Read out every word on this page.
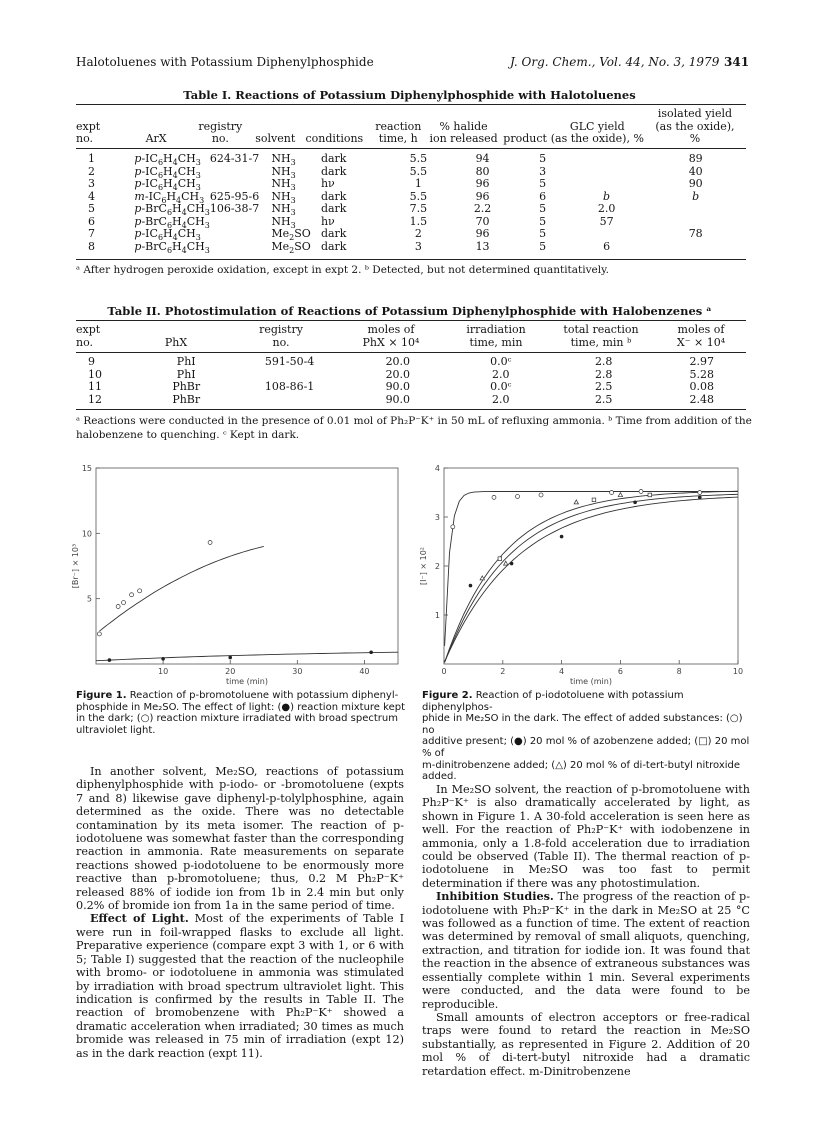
Halotoluenes with Potassium Diphenylphosphide	J. Org. Chem., Vol. 44, No. 3, 1979 341
Table I. Reactions of Potassium Diphenylphosphide with Halotoluenes
									isolated yield
expt		registry			reaction	% halide		GLC yield	(as the oxide),
no.	ArX	no.	solvent	conditions	time, h	ion released	product	(as the oxide), %	%
1	$p-IC_6H_4CH_3$	624-31-7	$NH_3$	dark	5.5	94	5		89
2	$p-IC_6H_4CH_3$		$NH_3$	dark	5.5	80	3		40
3	$p-IC_6H_4CH_3$		$NH_3$	hν	1	96	5		90
4	$m-IC_6H_4CH_3$	625-95-6	$NH_3$	dark	5.5	96	6	b	b
5	$p-BrC_6H_4CH_3$	106-38-7	$NH_3$	dark	7.5	2.2	5	2.0	
6	$p-BrC_6H_4CH_3$		$NH_3$	hν	1.5	70	5	57	
7	$p-IC_6H_4CH_3$		$Me_2SO$	dark	2	96	5		78
8	$p-BrC_6H_4CH_3$		$Me_2SO$	dark	3	13	5	6	
ᵃ After hydrogen peroxide oxidation, except in expt 2. ᵇ Detected, but not determined quantitatively.
Table II. Photostimulation of Reactions of Potassium Diphenylphosphide with Halobenzenes ᵃ
expt		registry	moles of	irradiation	total reaction	moles of
no.	PhX	no.	PhX × 10⁴	time, min	time, min ᵇ	X⁻ × 10⁴
9	PhI	591-50-4	20.0	0.0ᶜ	2.8	2.97
10	PhI		20.0	2.0	2.8	5.28
11	PhBr	108-86-1	90.0	0.0ᶜ	2.5	0.08
12	PhBr		90.0	2.0	2.5	2.48
ᵃ Reactions were conducted in the presence of 0.01 mol of Ph₂P⁻K⁺ in 50 mL of refluxing ammonia. ᵇ Time from addition of the
halobenzene to quenching. ᶜ Kept in dark.
10	20	30	40
5
10
15
time (min)
[Br⁻] × 10³
0	2	4	6	8	10
1
2
3
4
time (min)
[I⁻] × 10²
Figure 1. Reaction of p-bromotoluene with potassium diphenyl-
phosphide in Me₂SO. The effect of light: (●) reaction mixture kept
in the dark; (○) reaction mixture irradiated with broad spectrum
ultraviolet light.
Figure 2. Reaction of p-iodotoluene with potassium diphenylphos-
phide in Me₂SO in the dark. The effect of added substances: (○) no
additive present; (●) 20 mol % of azobenzene added; (□) 20 mol % of
m-dinitrobenzene added; (△) 20 mol % of di-tert-butyl nitroxide
added.

In another solvent, Me₂SO, reactions of potassium diphenylphosphide with p-iodo- or -bromotoluene (expts 7 and 8) likewise gave diphenyl-p-tolylphosphine, again determined as the oxide. There was no detectable contamination by its meta isomer. The reaction of p-iodotoluene was somewhat faster than the corresponding reaction in ammonia. Rate measurements on separate reactions showed p-iodotoluene to be enormously more reactive than p-bromotoluene; thus, 0.2 M Ph₂P⁻K⁺ released 88% of iodide ion from 1b in 2.4 min but only 0.2% of bromide ion from 1a in the same period of time.

Effect of Light. Most of the experiments of Table I were run in foil-wrapped flasks to exclude all light. Preparative experience (compare expt 3 with 1, or 6 with 5; Table I) suggested that the reaction of the nucleophile with bromo- or iodotoluene in ammonia was stimulated by irradiation with broad spectrum ultraviolet light. This indication is confirmed by the results in Table II. The reaction of bromobenzene with Ph₂P⁻K⁺ showed a dramatic acceleration when irradiated; 30 times as much bromide was released in 75 min of irradiation (expt 12) as in the dark reaction (expt 11).

In Me₂SO solvent, the reaction of p-bromotoluene with Ph₂P⁻K⁺ is also dramatically accelerated by light, as shown in Figure 1. A 30-fold acceleration is seen here as well. For the reaction of Ph₂P⁻K⁺ with iodobenzene in ammonia, only a 1.8-fold acceleration due to irradiation could be observed (Table II). The thermal reaction of p-iodotoluene in Me₂SO was too fast to permit determination if there was any photostimulation.

Inhibition Studies. The progress of the reaction of p-iodotoluene with Ph₂P⁻K⁺ in the dark in Me₂SO at 25 °C was followed as a function of time. The extent of reaction was determined by removal of small aliquots, quenching, extraction, and titration for iodide ion. It was found that the reaction in the absence of extraneous substances was essentially complete within 1 min. Several experiments were conducted, and the data were found to be reproducible.

Small amounts of electron acceptors or free-radical traps were found to retard the reaction in Me₂SO substantially, as represented in Figure 2. Addition of 20 mol % of di-tert-butyl nitroxide had a dramatic retardation effect. m-Dinitrobenzene
